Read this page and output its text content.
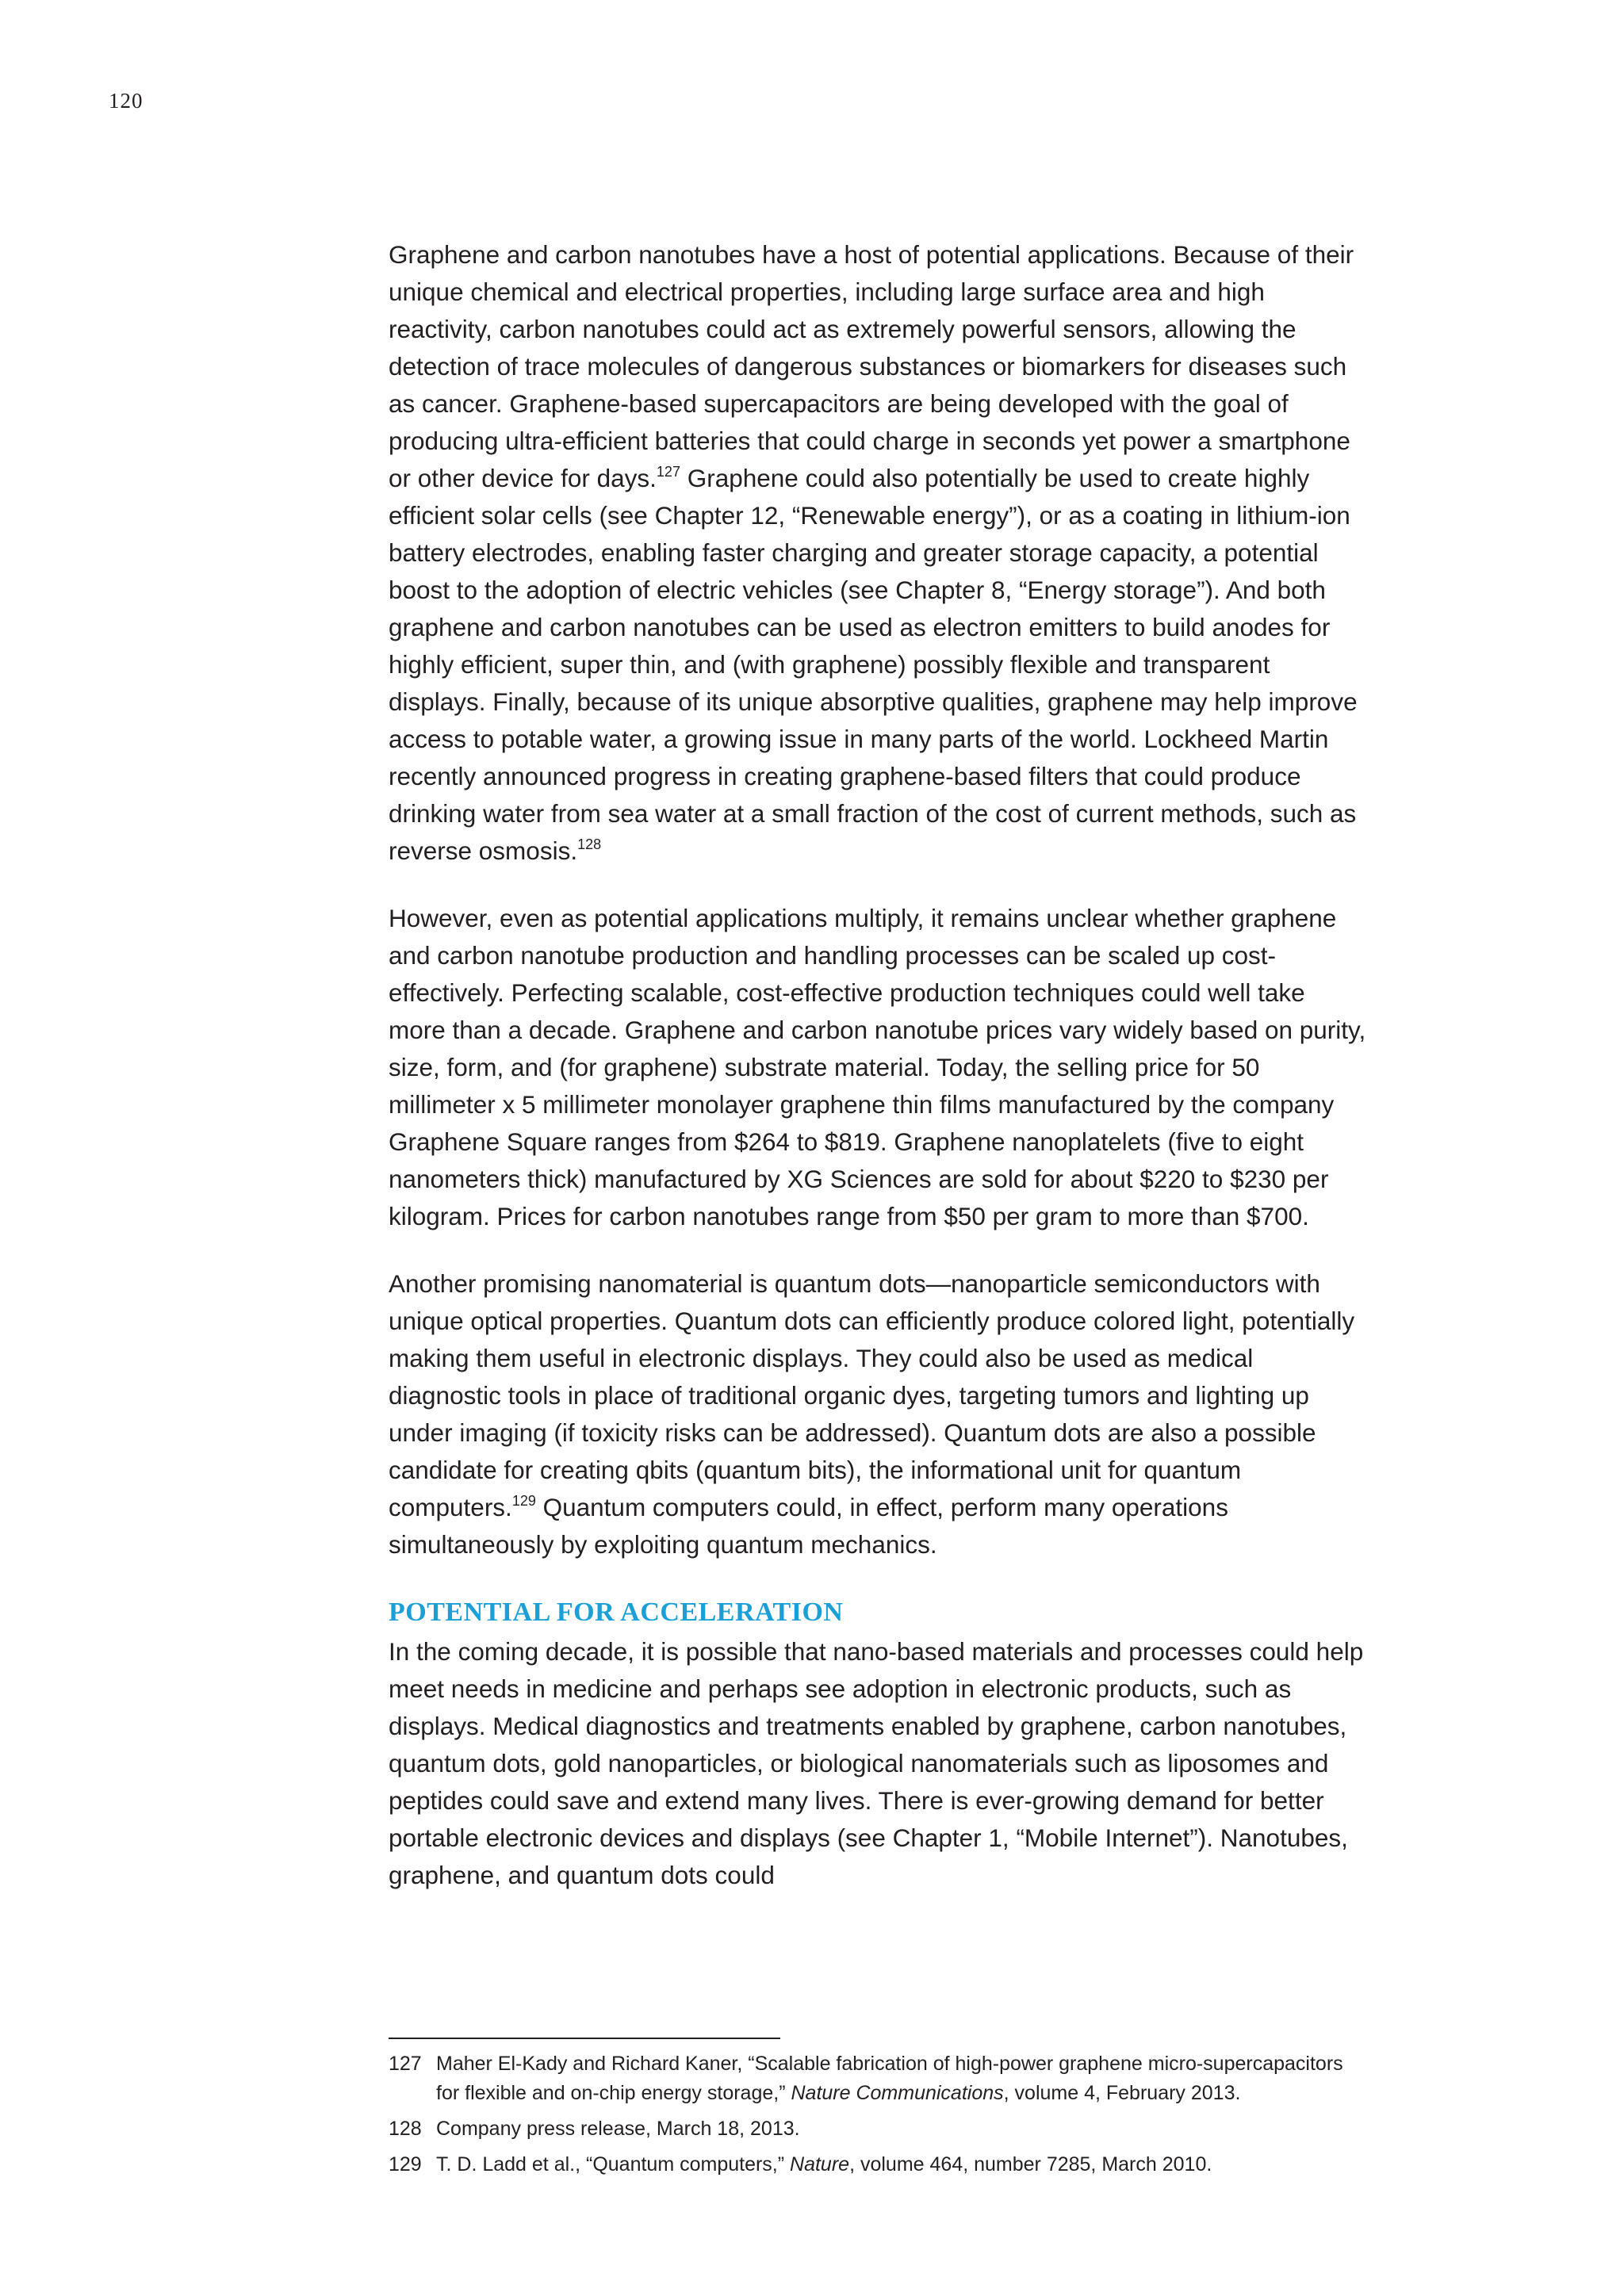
120

Graphene and carbon nanotubes have a host of potential applications. Because of their unique chemical and electrical properties, including large surface area and high reactivity, carbon nanotubes could act as extremely powerful sensors, allowing the detection of trace molecules of dangerous substances or biomarkers for diseases such as cancer. Graphene-based supercapacitors are being developed with the goal of producing ultra-efficient batteries that could charge in seconds yet power a smartphone or other device for days.$^{127}$ Graphene could also potentially be used to create highly efficient solar cells (see Chapter 12, “Renewable energy”), or as a coating in lithium-ion battery electrodes, enabling faster charging and greater storage capacity, a potential boost to the adoption of electric vehicles (see Chapter 8, “Energy storage”). And both graphene and carbon nanotubes can be used as electron emitters to build anodes for highly efficient, super thin, and (with graphene) possibly flexible and transparent displays. Finally, because of its unique absorptive qualities, graphene may help improve access to potable water, a growing issue in many parts of the world. Lockheed Martin recently announced progress in creating graphene-based filters that could produce drinking water from sea water at a small fraction of the cost of current methods, such as reverse osmosis.$^{128}$

However, even as potential applications multiply, it remains unclear whether graphene and carbon nanotube production and handling processes can be scaled up cost-effectively. Perfecting scalable, cost-effective production techniques could well take more than a decade. Graphene and carbon nanotube prices vary widely based on purity, size, form, and (for graphene) substrate material. Today, the selling price for 50 millimeter x 5 millimeter monolayer graphene thin films manufactured by the company Graphene Square ranges from $264 to $819. Graphene nanoplatelets (five to eight nanometers thick) manufactured by XG Sciences are sold for about $220 to $230 per kilogram. Prices for carbon nanotubes range from $50 per gram to more than $700.

Another promising nanomaterial is quantum dots—nanoparticle semiconductors with unique optical properties. Quantum dots can efficiently produce colored light, potentially making them useful in electronic displays. They could also be used as medical diagnostic tools in place of traditional organic dyes, targeting tumors and lighting up under imaging (if toxicity risks can be addressed). Quantum dots are also a possible candidate for creating qbits (quantum bits), the informational unit for quantum computers.$^{129}$ Quantum computers could, in effect, perform many operations simultaneously by exploiting quantum mechanics.

POTENTIAL FOR ACCELERATION

In the coming decade, it is possible that nano-based materials and processes could help meet needs in medicine and perhaps see adoption in electronic products, such as displays. Medical diagnostics and treatments enabled by graphene, carbon nanotubes, quantum dots, gold nanoparticles, or biological nanomaterials such as liposomes and peptides could save and extend many lives. There is ever-growing demand for better portable electronic devices and displays (see Chapter 1, “Mobile Internet”). Nanotubes, graphene, and quantum dots could

127 Maher El-Kady and Richard Kaner, “Scalable fabrication of high-power graphene micro-supercapacitors for flexible and on-chip energy storage,” Nature Communications, volume 4, February 2013.
128 Company press release, March 18, 2013.
129 T. D. Ladd et al., “Quantum computers,” Nature, volume 464, number 7285, March 2010.
